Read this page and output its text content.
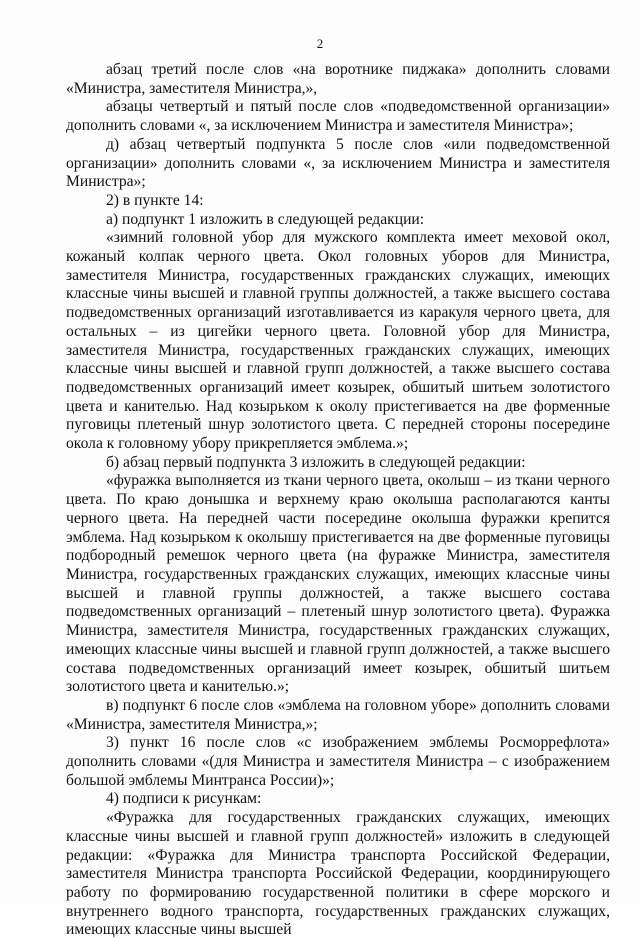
2

абзац третий после слов «на воротнике пиджака» дополнить словами «Министра, заместителя Министра,»,

абзацы четвертый и пятый после слов «подведомственной организации» дополнить словами «, за исключением Министра и заместителя Министра»;

д) абзац четвертый подпункта 5 после слов «или подведомственной организации» дополнить словами «, за исключением Министра и заместителя Министра»;

2) в пункте 14:

а) подпункт 1 изложить в следующей редакции:

«зимний головной убор для мужского комплекта имеет меховой окол, кожаный колпак черного цвета. Окол головных уборов для Министра, заместителя Министра, государственных гражданских служащих, имеющих классные чины высшей и главной группы должностей, а также высшего состава подведомственных организаций изготавливается из каракуля черного цвета, для остальных – из цигейки черного цвета. Головной убор для Министра, заместителя Министра, государственных гражданских служащих, имеющих классные чины высшей и главной групп должностей, а также высшего состава подведомственных организаций имеет козырек, обшитый шитьем золотистого цвета и канителью. Над козырьком к околу пристегивается на две форменные пуговицы плетеный шнур золотистого цвета. С передней стороны посередине окола к головному убору прикрепляется эмблема.»;

б) абзац первый подпункта 3 изложить в следующей редакции:

«фуражка выполняется из ткани черного цвета, околыш – из ткани черного цвета. По краю донышка и верхнему краю околыша располагаются канты черного цвета. На передней части посередине околыша фуражки крепится эмблема. Над козырьком к околышу пристегивается на две форменные пуговицы подбородный ремешок черного цвета (на фуражке Министра, заместителя Министра, государственных гражданских служащих, имеющих классные чины высшей и главной группы должностей, а также высшего состава подведомственных организаций – плетеный шнур золотистого цвета). Фуражка Министра, заместителя Министра, государственных гражданских служащих, имеющих классные чины высшей и главной групп должностей, а также высшего состава подведомственных организаций имеет козырек, обшитый шитьем золотистого цвета и канителью.»;

в) подпункт 6 после слов «эмблема на головном уборе» дополнить словами «Министра, заместителя Министра,»;

3) пункт 16 после слов «с изображением эмблемы Росморрефлота» дополнить словами «(для Министра и заместителя Министра – с изображением большой эмблемы Минтранса России)»;

4) подписи к рисункам:

«Фуражка для государственных гражданских служащих, имеющих классные чины высшей и главной групп должностей» изложить в следующей редакции: «Фуражка для Министра транспорта Российской Федерации, заместителя Министра транспорта Российской Федерации, координирующего работу по формированию государственной политики в сфере морского и внутреннего водного транспорта, государственных гражданских служащих, имеющих классные чины высшей
